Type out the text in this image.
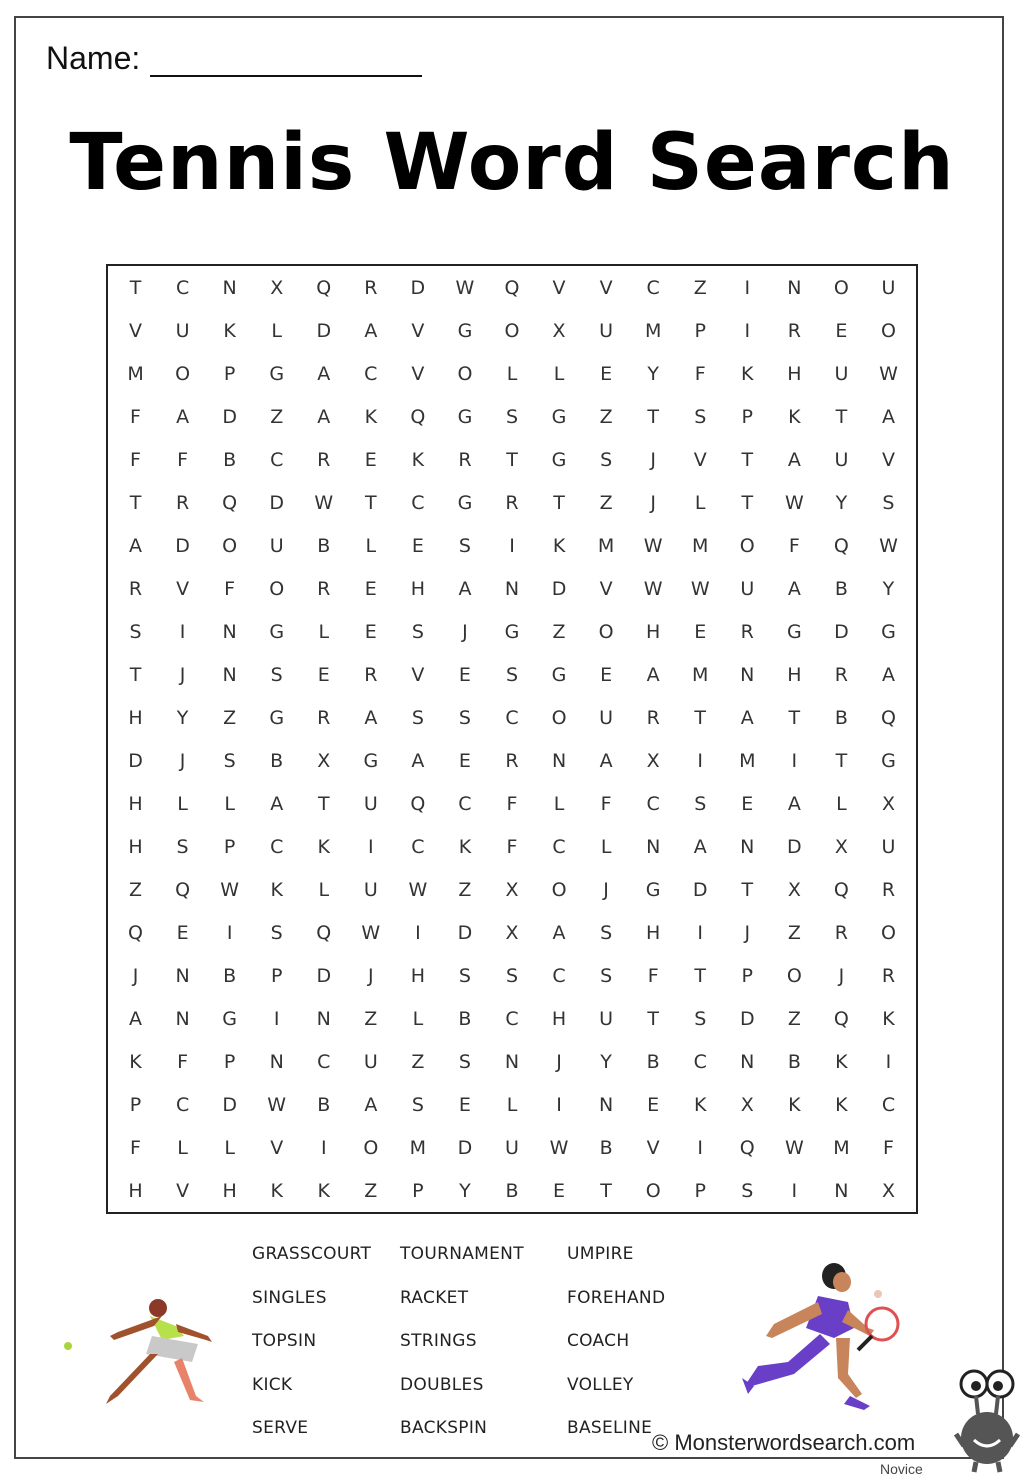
Name:
Tennis Word Search
T	C	N	X	Q	R	D	W	Q	V	V	C	Z	I	N	O	U
V	U	K	L	D	A	V	G	O	X	U	M	P	I	R	E	O
M	O	P	G	A	C	V	O	L	L	E	Y	F	K	H	U	W
F	A	D	Z	A	K	Q	G	S	G	Z	T	S	P	K	T	A
F	F	B	C	R	E	K	R	T	G	S	J	V	T	A	U	V
T	R	Q	D	W	T	C	G	R	T	Z	J	L	T	W	Y	S
A	D	O	U	B	L	E	S	I	K	M	W	M	O	F	Q	W
R	V	F	O	R	E	H	A	N	D	V	W	W	U	A	B	Y
S	I	N	G	L	E	S	J	G	Z	O	H	E	R	G	D	G
T	J	N	S	E	R	V	E	S	G	E	A	M	N	H	R	A
H	Y	Z	G	R	A	S	S	C	O	U	R	T	A	T	B	Q
D	J	S	B	X	G	A	E	R	N	A	X	I	M	I	T	G
H	L	L	A	T	U	Q	C	F	L	F	C	S	E	A	L	X
H	S	P	C	K	I	C	K	F	C	L	N	A	N	D	X	U
Z	Q	W	K	L	U	W	Z	X	O	J	G	D	T	X	Q	R
Q	E	I	S	Q	W	I	D	X	A	S	H	I	J	Z	R	O
J	N	B	P	D	J	H	S	S	C	S	F	T	P	O	J	R
A	N	G	I	N	Z	L	B	C	H	U	T	S	D	Z	Q	K
K	F	P	N	C	U	Z	S	N	J	Y	B	C	N	B	K	I
P	C	D	W	B	A	S	E	L	I	N	E	K	X	K	K	C
F	L	L	V	I	O	M	D	U	W	B	V	I	Q	W	M	F
H	V	H	K	K	Z	P	Y	B	E	T	O	P	S	I	N	X
GRASSCOURT
SINGLES
TOPSIN
KICK
SERVE
TOURNAMENT
RACKET
STRINGS
DOUBLES
BACKSPIN
UMPIRE
FOREHAND
COACH
VOLLEY
BASELINE
© Monsterwordsearch.com
Novice
